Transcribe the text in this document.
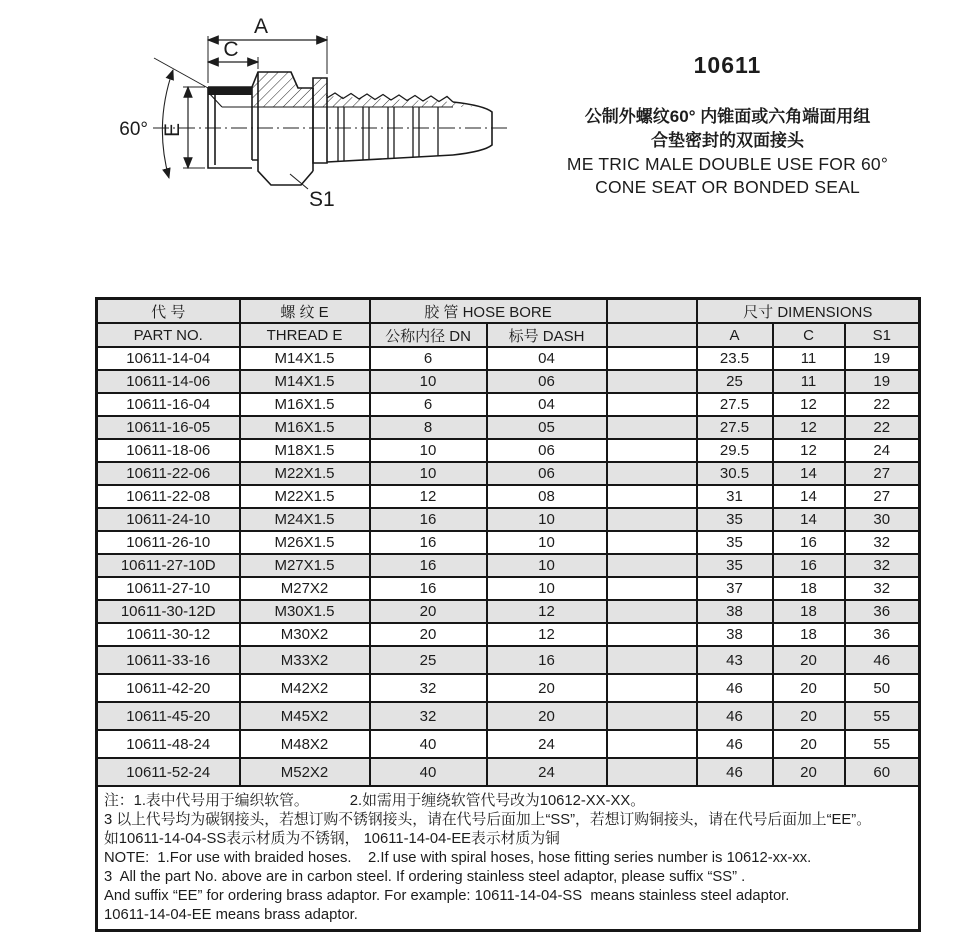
A
C
E
60°
S1
10611
公制外螺纹60° 内锥面或六角端面用组
合垫密封的双面接头
ME TRIC MALE DOUBLE USE FOR 60°
CONE SEAT OR BONDED SEAL
代 号	螺 纹 E	胶 管 HOSE BORE			尺寸 DIMENSIONS		
PART NO.	THREAD E	公称内径 DN	标号 DASH		A	C	S1
10611-14-04	M14X1.5	6	04		23.5	11	19
10611-14-06	M14X1.5	10	06		25	11	19
10611-16-04	M16X1.5	6	04		27.5	12	22
10611-16-05	M16X1.5	8	05		27.5	12	22
10611-18-06	M18X1.5	10	06		29.5	12	24
10611-22-06	M22X1.5	10	06		30.5	14	27
10611-22-08	M22X1.5	12	08		31	14	27
10611-24-10	M24X1.5	16	10		35	14	30
10611-26-10	M26X1.5	16	10		35	16	32
10611-27-10D	M27X1.5	16	10		35	16	32
10611-27-10	M27X2	16	10		37	18	32
10611-30-12D	M30X1.5	20	12		38	18	36
10611-30-12	M30X2	20	12		38	18	36
10611-33-16	M33X2	25	16		43	20	46
10611-42-20	M42X2	32	20		46	20	50
10611-45-20	M45X2	32	20		46	20	55
10611-48-24	M48X2	40	24		46	20	55
10611-52-24	M52X2	40	24		46	20	60

注：1.表中代号用于编织软管。          2.如需用于缠绕软管代号改为10612-XX-XX。
3 以上代号均为碳钢接头，若想订购不锈钢接头，请在代号后面加上“SS”，若想订购铜接头，请在代号后面加上“EE”。
如10611-14-04-SS表示材质为不锈钢， 10611-14-04-EE表示材质为铜
NOTE:  1.For use with braided hoses.    2.If use with spiral hoses, hose fitting series number is 10612-xx-xx.
3  All the part No. above are in carbon steel. If ordering stainless steel adaptor, please suffix “SS” .
And suffix “EE” for ordering brass adaptor. For example: 10611-14-04-SS  means stainless steel adaptor.
10611-14-04-EE means brass adaptor.
